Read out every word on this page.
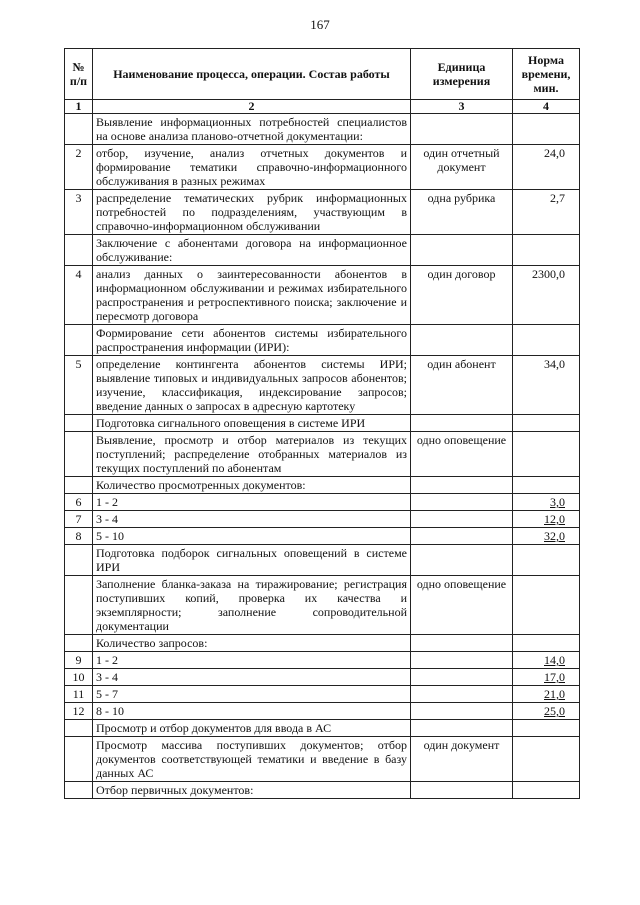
167
№ п/п	Наименование процесса, операции. Состав работы	Единица измерения	Норма времени, мин.
1	2	3	4
	Выявление информационных потребностей специалистов на основе анализа планово-отчетной документации:		
2	отбор, изучение, анализ отчетных документов и формирование тематики справочно-информационного обслуживания в разных режимах	один отчетный документ	24,0
3	распределение тематических рубрик информационных потребностей по подразделениям, участвующим в справочно-информационном обслуживании	одна рубрика	2,7
	Заключение с абонентами договора на информационное обслуживание:		
4	анализ данных о заинтересованности абонентов в информационном обслуживании и режимах избирательного распространения и ретроспективного поиска; заключение и пересмотр договора	один договор	2300,0
	Формирование сети абонентов системы избирательного распространения информации (ИРИ):		
5	определение контингента абонентов системы ИРИ; выявление типовых и индивидуальных запросов абонентов; изучение, классификация, индексирование запросов; введение данных о запросах в адресную картотеку	один абонент	34,0
	Подготовка сигнального оповещения в системе ИРИ		
	Выявление, просмотр и отбор материалов из текущих поступлений; распределение отобранных материалов из текущих поступлений по абонентам	одно оповещение	
	Количество просмотренных документов:		
6	1 - 2		3,0
7	3 - 4		12,0
8	5 - 10		32,0
	Подготовка подборок сигнальных оповещений в системе ИРИ		
	Заполнение бланка-заказа на тиражирование; регистрация поступивших копий, проверка их качества и экземплярности; заполнение сопроводительной документации	одно оповещение	
	Количество запросов:		
9	1 - 2		14,0
10	3 - 4		17,0
11	5 - 7		21,0
12	8 - 10		25,0
	Просмотр и отбор документов для ввода в АС		
	Просмотр массива поступивших документов; отбор документов соответствующей тематики и введение в базу данных АС	один документ	
	Отбор первичных документов:		
